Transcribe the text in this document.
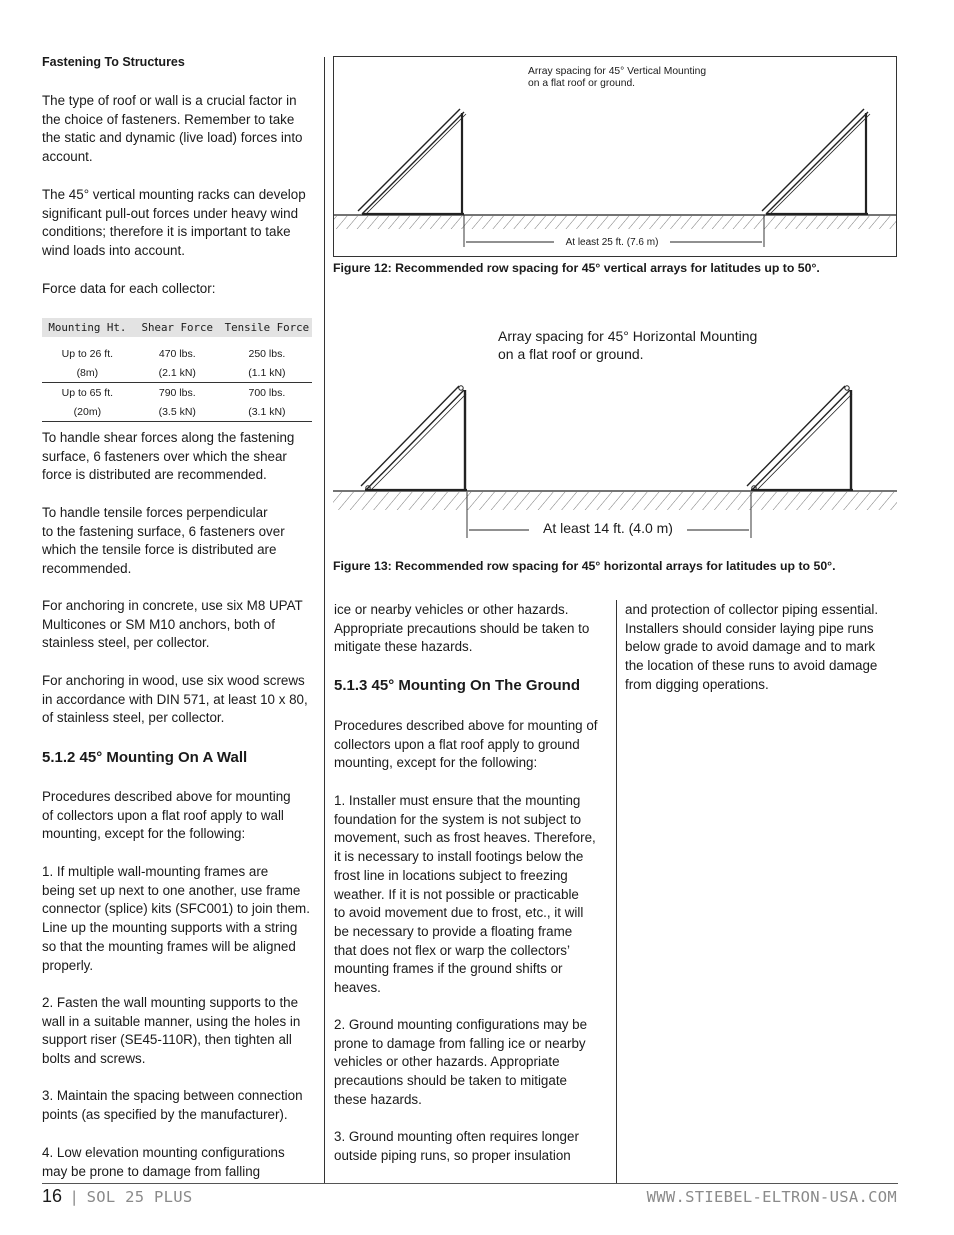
Fastening To Structures

The type of roof or wall is a crucial factor in
the choice of fasteners. Remember to take
the static and dynamic (live load) forces into
account.

The 45° vertical mounting racks can develop
significant pull-out forces under heavy wind
conditions; therefore it is important to take
wind loads into account.

Force data for each collector:

Mounting Ht.	Shear Force	Tensile Force
Up to 26 ft.	470 lbs.	250 lbs.
(8m)	(2.1 kN)	(1.1 kN)
Up to 65 ft.	790 lbs.	700 lbs.
(20m)	(3.5 kN)	(3.1 kN)

To handle shear forces along the fastening
surface, 6 fasteners over which the shear
force is distributed are recommended.

To handle tensile forces perpendicular
to the fastening surface, 6 fasteners over
which the tensile force is distributed are
recommended.

For anchoring in concrete, use six M8 UPAT
Multicones or SM M10 anchors, both of
stainless steel, per collector.

For anchoring in wood, use six wood screws
in accordance with DIN 571, at least 10 x 80,
of stainless steel, per collector.

5.1.2 45° Mounting On A Wall

Procedures described above for mounting
of collectors upon a flat roof apply to wall
mounting, except for the following:

1. If multiple wall-mounting frames are
being set up next to one another, use frame
connector (splice) kits (SFC001) to join them.
Line up the mounting supports with a string
so that the mounting frames will be aligned
properly.

2. Fasten the wall mounting supports to the
wall in a suitable manner, using the holes in
support riser (SE45-110R), then tighten all
bolts and screws.

3. Maintain the spacing between connection
points (as specified by the manufacturer).

4. Low elevation mounting configurations
may be prone to damage from falling

Array spacing for 45° Vertical Mounting
on a flat roof or ground.
At least 25 ft. (7.6 m)
Figure 12: Recommended row spacing for 45° vertical arrays for latitudes up to 50°.
Array spacing for 45° Horizontal Mounting
on a flat roof or ground.
At least 14 ft. (4.0 m)
Figure 13: Recommended row spacing for 45° horizontal arrays for latitudes up to 50°.

ice or nearby vehicles or other hazards.
Appropriate precautions should be taken to
mitigate these hazards.

5.1.3 45° Mounting On The Ground

Procedures described above for mounting of
collectors upon a flat roof apply to ground
mounting, except for the following:

1. Installer must ensure that the mounting
foundation for the system is not subject to
movement, such as frost heaves. Therefore,
it is necessary to install footings below the
frost line in locations subject to freezing
weather. If it is not possible or practicable
to avoid movement due to frost, etc., it will
be necessary to provide a floating frame
that does not flex or warp the collectors’
mounting frames if the ground shifts or
heaves.

2. Ground mounting configurations may be
prone to damage from falling ice or nearby
vehicles or other hazards. Appropriate
precautions should be taken to mitigate
these hazards.

3. Ground mounting often requires longer
outside piping runs, so proper insulation

and protection of collector piping essential.
Installers should consider laying pipe runs
below grade to avoid damage and to mark
the location of these runs to avoid damage
from digging operations.

16 | SOL 25 PLUS	WWW.STIEBEL-ELTRON-USA.COM
